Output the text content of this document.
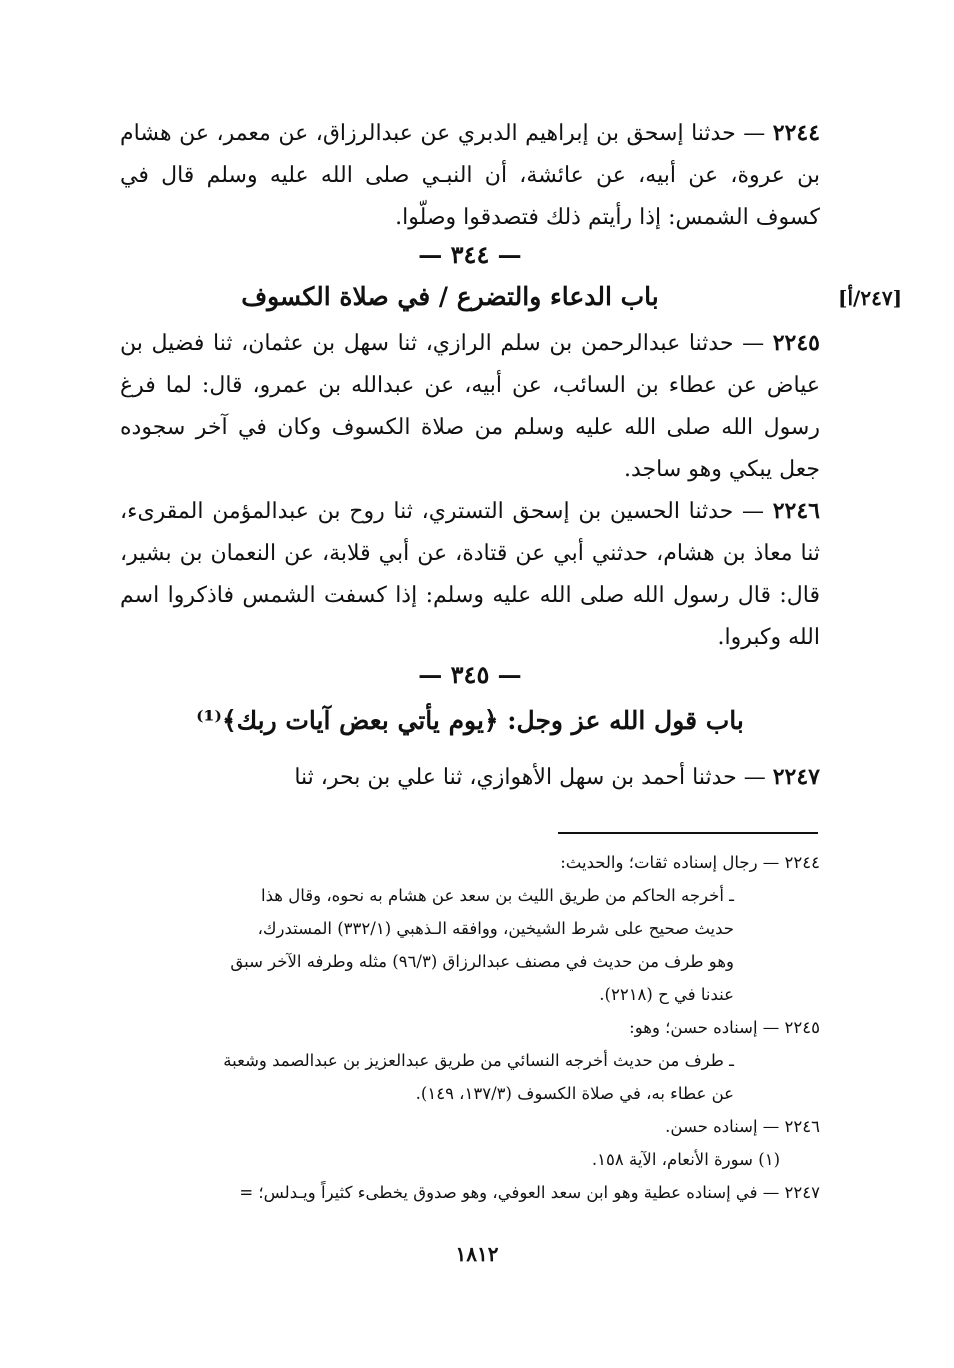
٢٢٤٤ — حدثنا إسحق بن إبراهيم الدبري عن عبدالرزاق، عن معمر، عن هشام بن عروة، عن أبيه، عن عائشة، أن النبـي صلى الله عليه وسلم قال في كسوف الشمس: إذا رأيتم ذلك فتصدقوا وصلّوا.

— ٣٤٤ —
[٢٤٧/أ]
باب الدعاء والتضرع / في صلاة الكسوف

٢٢٤٥ — حدثنا عبدالرحمن بن سلم الرازي، ثنا سهل بن عثمان، ثنا فضيل بن عياض عن عطاء بن السائب، عن أبيه، عن عبدالله بن عمرو، قال: لما فرغ رسول الله صلى الله عليه وسلم من صلاة الكسوف وكان في آخر سجوده جعل يبكي وهو ساجد.

٢٢٤٦ — حدثنا الحسين بن إسحق التستري، ثنا روح بن عبدالمؤمن المقرىء، ثنا معاذ بن هشام، حدثني أبي عن قتادة، عن أبي قلابة، عن النعمان بن بشير، قال: قال رسول الله صلى الله عليه وسلم: إذا كسفت الشمس فاذكروا اسم الله وكبروا.

— ٣٤٥ —
باب قول الله عز وجل: ﴿يوم يأتي بعض آيات ربك﴾⁽¹⁾

٢٢٤٧ — حدثنا أحمد بن سهل الأهوازي، ثنا علي بن بحر، ثنا

٢٢٤٤ — رجال إسناده ثقات؛ والحديث:

ـ أخرجه الحاكم من طريق الليث بن سعد عن هشام به نحوه، وقال هذا

حديث صحيح على شرط الشيخين، ووافقه الـذهبي (٣٣٢/١) المستدرك،

وهو طرف من حديث في مصنف عبدالرزاق (٩٦/٣) مثله وطرفه الآخر سبق

عندنا في ح (٢٢١٨).

٢٢٤٥ — إسناده حسن؛ وهو:

ـ طرف من حديث أخرجه النسائي من طريق عبدالعزيز بن عبدالصمد وشعبة

عن عطاء به، في صلاة الكسوف (١٣٧/٣، ١٤٩).

٢٢٤٦ — إسناده حسن.

(١) سورة الأنعام، الآية ١٥٨.

٢٢٤٧ — في إسناده عطية وهو ابن سعد العوفي، وهو صدوق يخطىء كثيراً ويـدلس؛ =

١٨١٢
